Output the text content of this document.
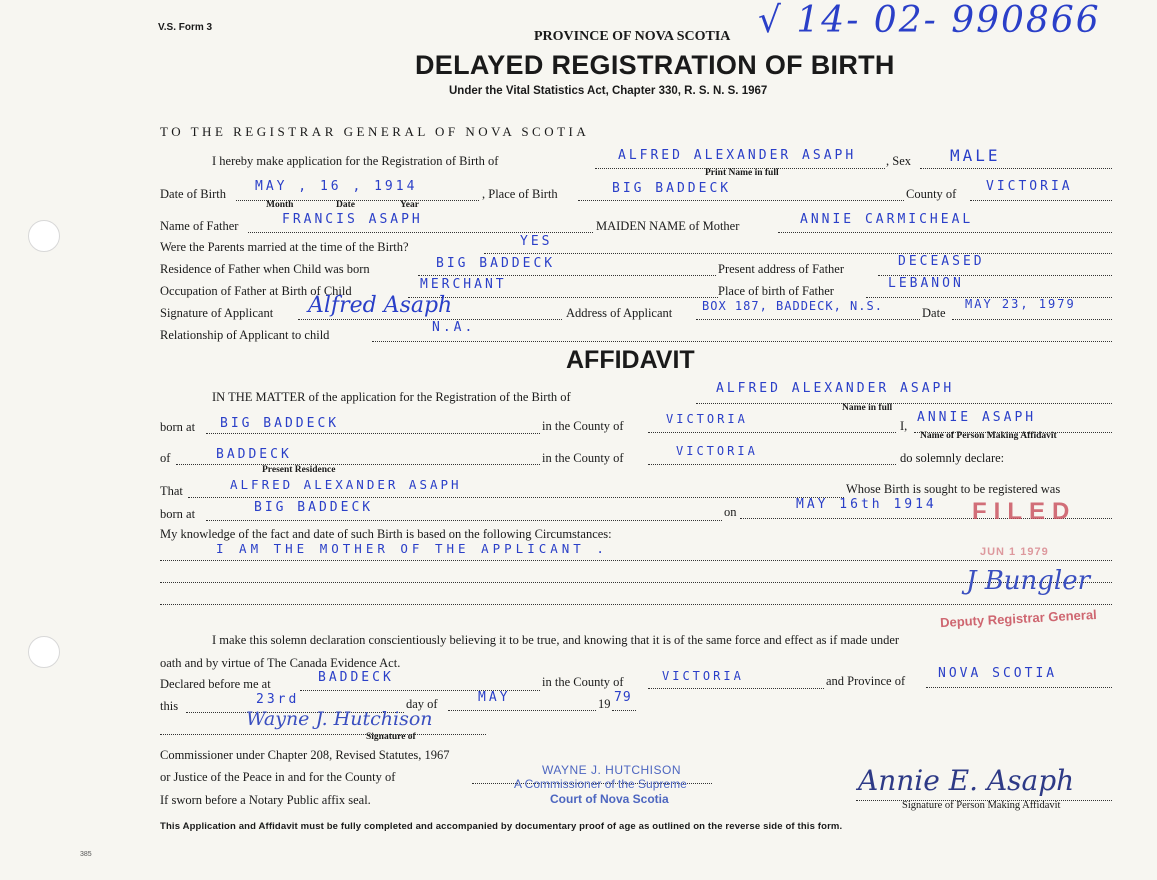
V.S. Form 3
PROVINCE OF NOVA SCOTIA √ 14- 02- 990866
DELAYED REGISTRATION OF BIRTH
Under the Vital Statistics Act, Chapter 330, R. S. N. S. 1967
TO THE REGISTRAR GENERAL OF NOVA SCOTIA
I hereby make application for the Registration of Birth of	ALFRED ALEXANDER ASAPH
Print Name in full
, Sex MALE
Date of Birth MAY , 16 , 1914
Month	Date	Year
, Place of Birth	BIG BADDECK	County of VICTORIA
Name of Father	FRANCIS ASAPH	MAIDEN NAME of Mother	ANNIE CARMICHEAL
Were the Parents married at the time of the Birth?	YES
Residence of Father when Child was born	BIG BADDECK	Present address of Father	DECEASED
Occupation of Father at Birth of Child	MERCHANT	Place of birth of Father	LEBANON
Signature of Applicant Alfred Asaph	Address of Applicant BOX 187, BADDECK, N.S.	Date
MAY 23, 1979
Relationship of Applicant to child	N.A.
AFFIDAVIT
IN THE MATTER of the application for the Registration of the Birth of
ALFRED ALEXANDER ASAPH
Name in full
born at BIG BADDECK	in the County of	VICTORIA	I,
ANNIE ASAPH
Name of Person Making Affidavit
of	BADDECK
Present Residence
in the County of	VICTORIA	do solemnly declare:
That	ALFRED ALEXANDER ASAPH	Whose Birth is sought to be registered was
born at	BIG BADDECK	on	MAY 16th 1914 FILED
My knowledge of the fact and date of such Birth is based on the following Circumstances:
I AM THE MOTHER OF THE APPLICANT .	JUN 1 1979
J Bungler
Deputy Registrar General
I make this solemn declaration conscientiously believing it to be true, and knowing that it is of the same force and effect as if made under
oath and by virtue of The Canada Evidence Act.
Declared before me at	BADDECK	in the County of	VICTORIA	and Province of	NOVA SCOTIA
this	23rd	day of	MAY	19 79
Wayne J. Hutchison
Signature of
Commissioner under Chapter 208, Revised Statutes, 1967
or Justice of the Peace in and for the County of
If sworn before a Notary Public affix seal.
WAYNE J. HUTCHISON
A Commissioner of the Supreme
Court of Nova Scotia
Annie E. Asaph
Signature of Person Making Affidavit
This Application and Affidavit must be fully completed and accompanied by documentary proof of age as outlined on the reverse side of this form.
385
